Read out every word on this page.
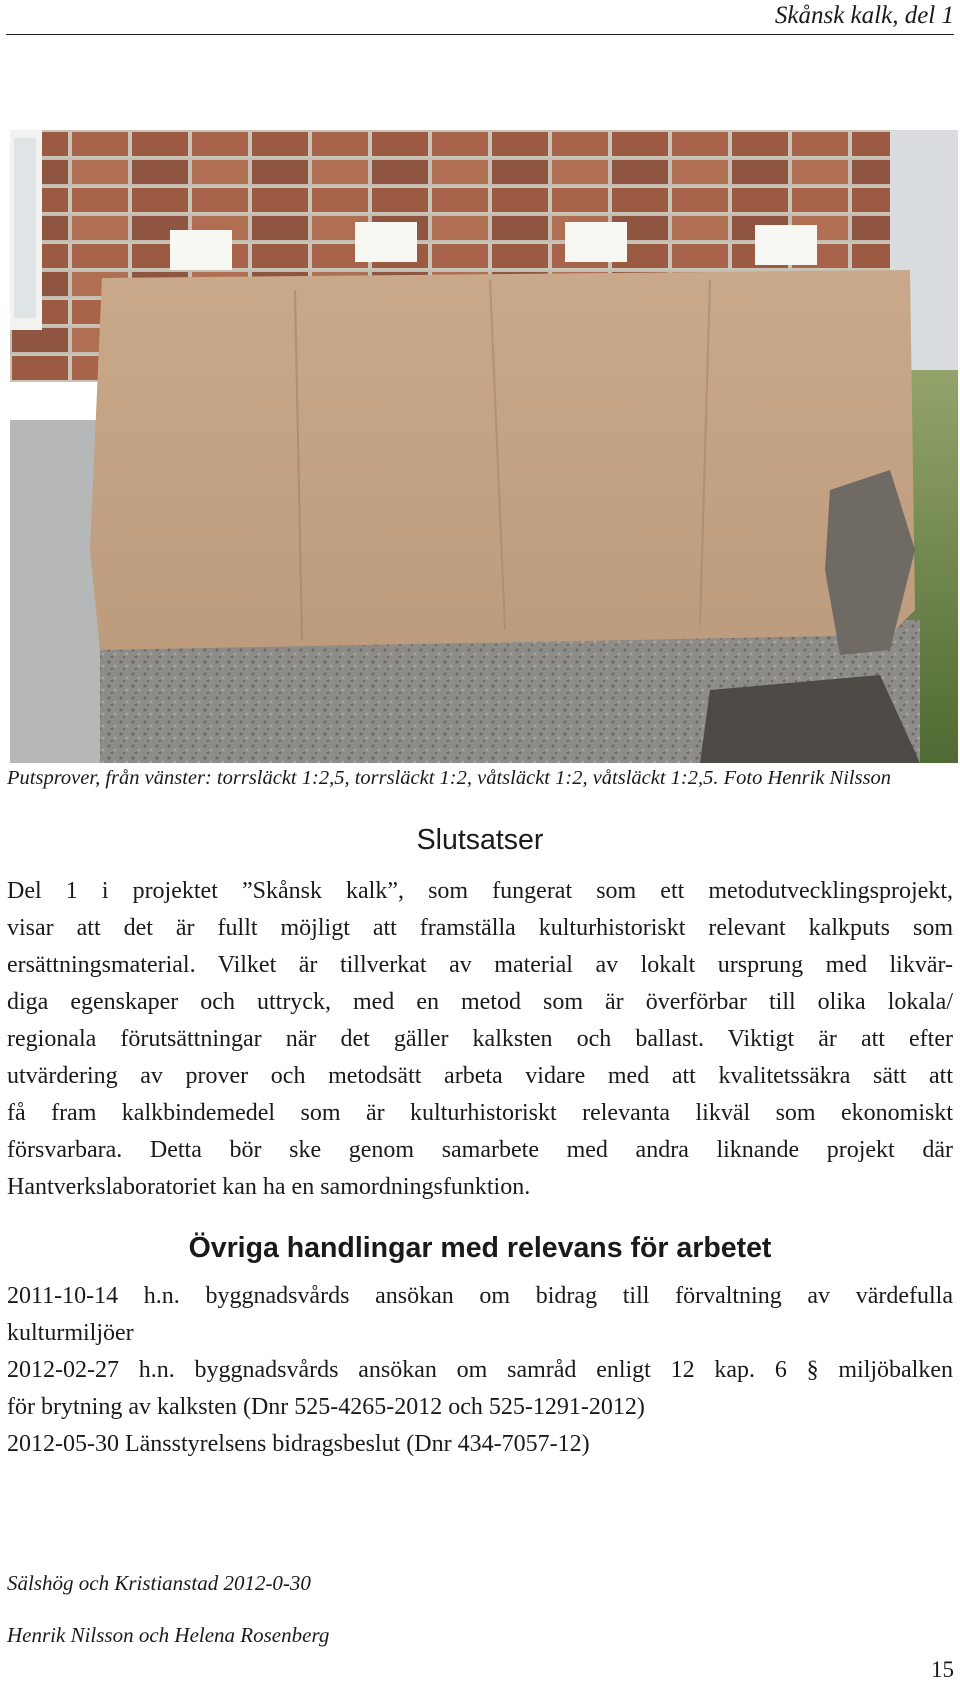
Skånsk kalk, del 1
Putsprover, från vänster: torrsläckt 1:2,5, torrsläckt 1:2, våtsläckt 1:2, våtsläckt 1:2,5. Foto Henrik Nilsson
Slutsatser
Del 1 i projektet ”Skånsk kalk”, som fungerat som ett metodutvecklingsprojekt,
visar att det är fullt möjligt att framställa kulturhistoriskt relevant kalkputs som
ersättningsmaterial. Vilket är tillverkat av material av lokalt ursprung med likvär-
diga egenskaper och uttryck, med en metod som är överförbar till olika lokala/
regionala förutsättningar när det gäller kalksten och ballast. Viktigt är att efter
utvärdering av prover och metodsätt arbeta vidare med att kvalitetssäkra sätt att
få fram kalkbindemedel som är kulturhistoriskt relevanta likväl som ekonomiskt
försvarbara. Detta bör ske genom samarbete med andra liknande projekt där
Hantverkslaboratoriet kan ha en samordningsfunktion.
Övriga handlingar med relevans för arbetet
2011-10-14 h.n. byggnadsvårds ansökan om bidrag till förvaltning av värdefulla
kulturmiljöer
2012-02-27 h.n. byggnadsvårds ansökan om samråd enligt 12 kap. 6 § miljöbalken
för brytning av kalksten (Dnr 525-4265-2012 och 525-1291-2012)
2012-05-30 Länsstyrelsens bidragsbeslut (Dnr 434-7057-12)
Sälshög och Kristianstad 2012-0-30
Henrik Nilsson och Helena Rosenberg
15
